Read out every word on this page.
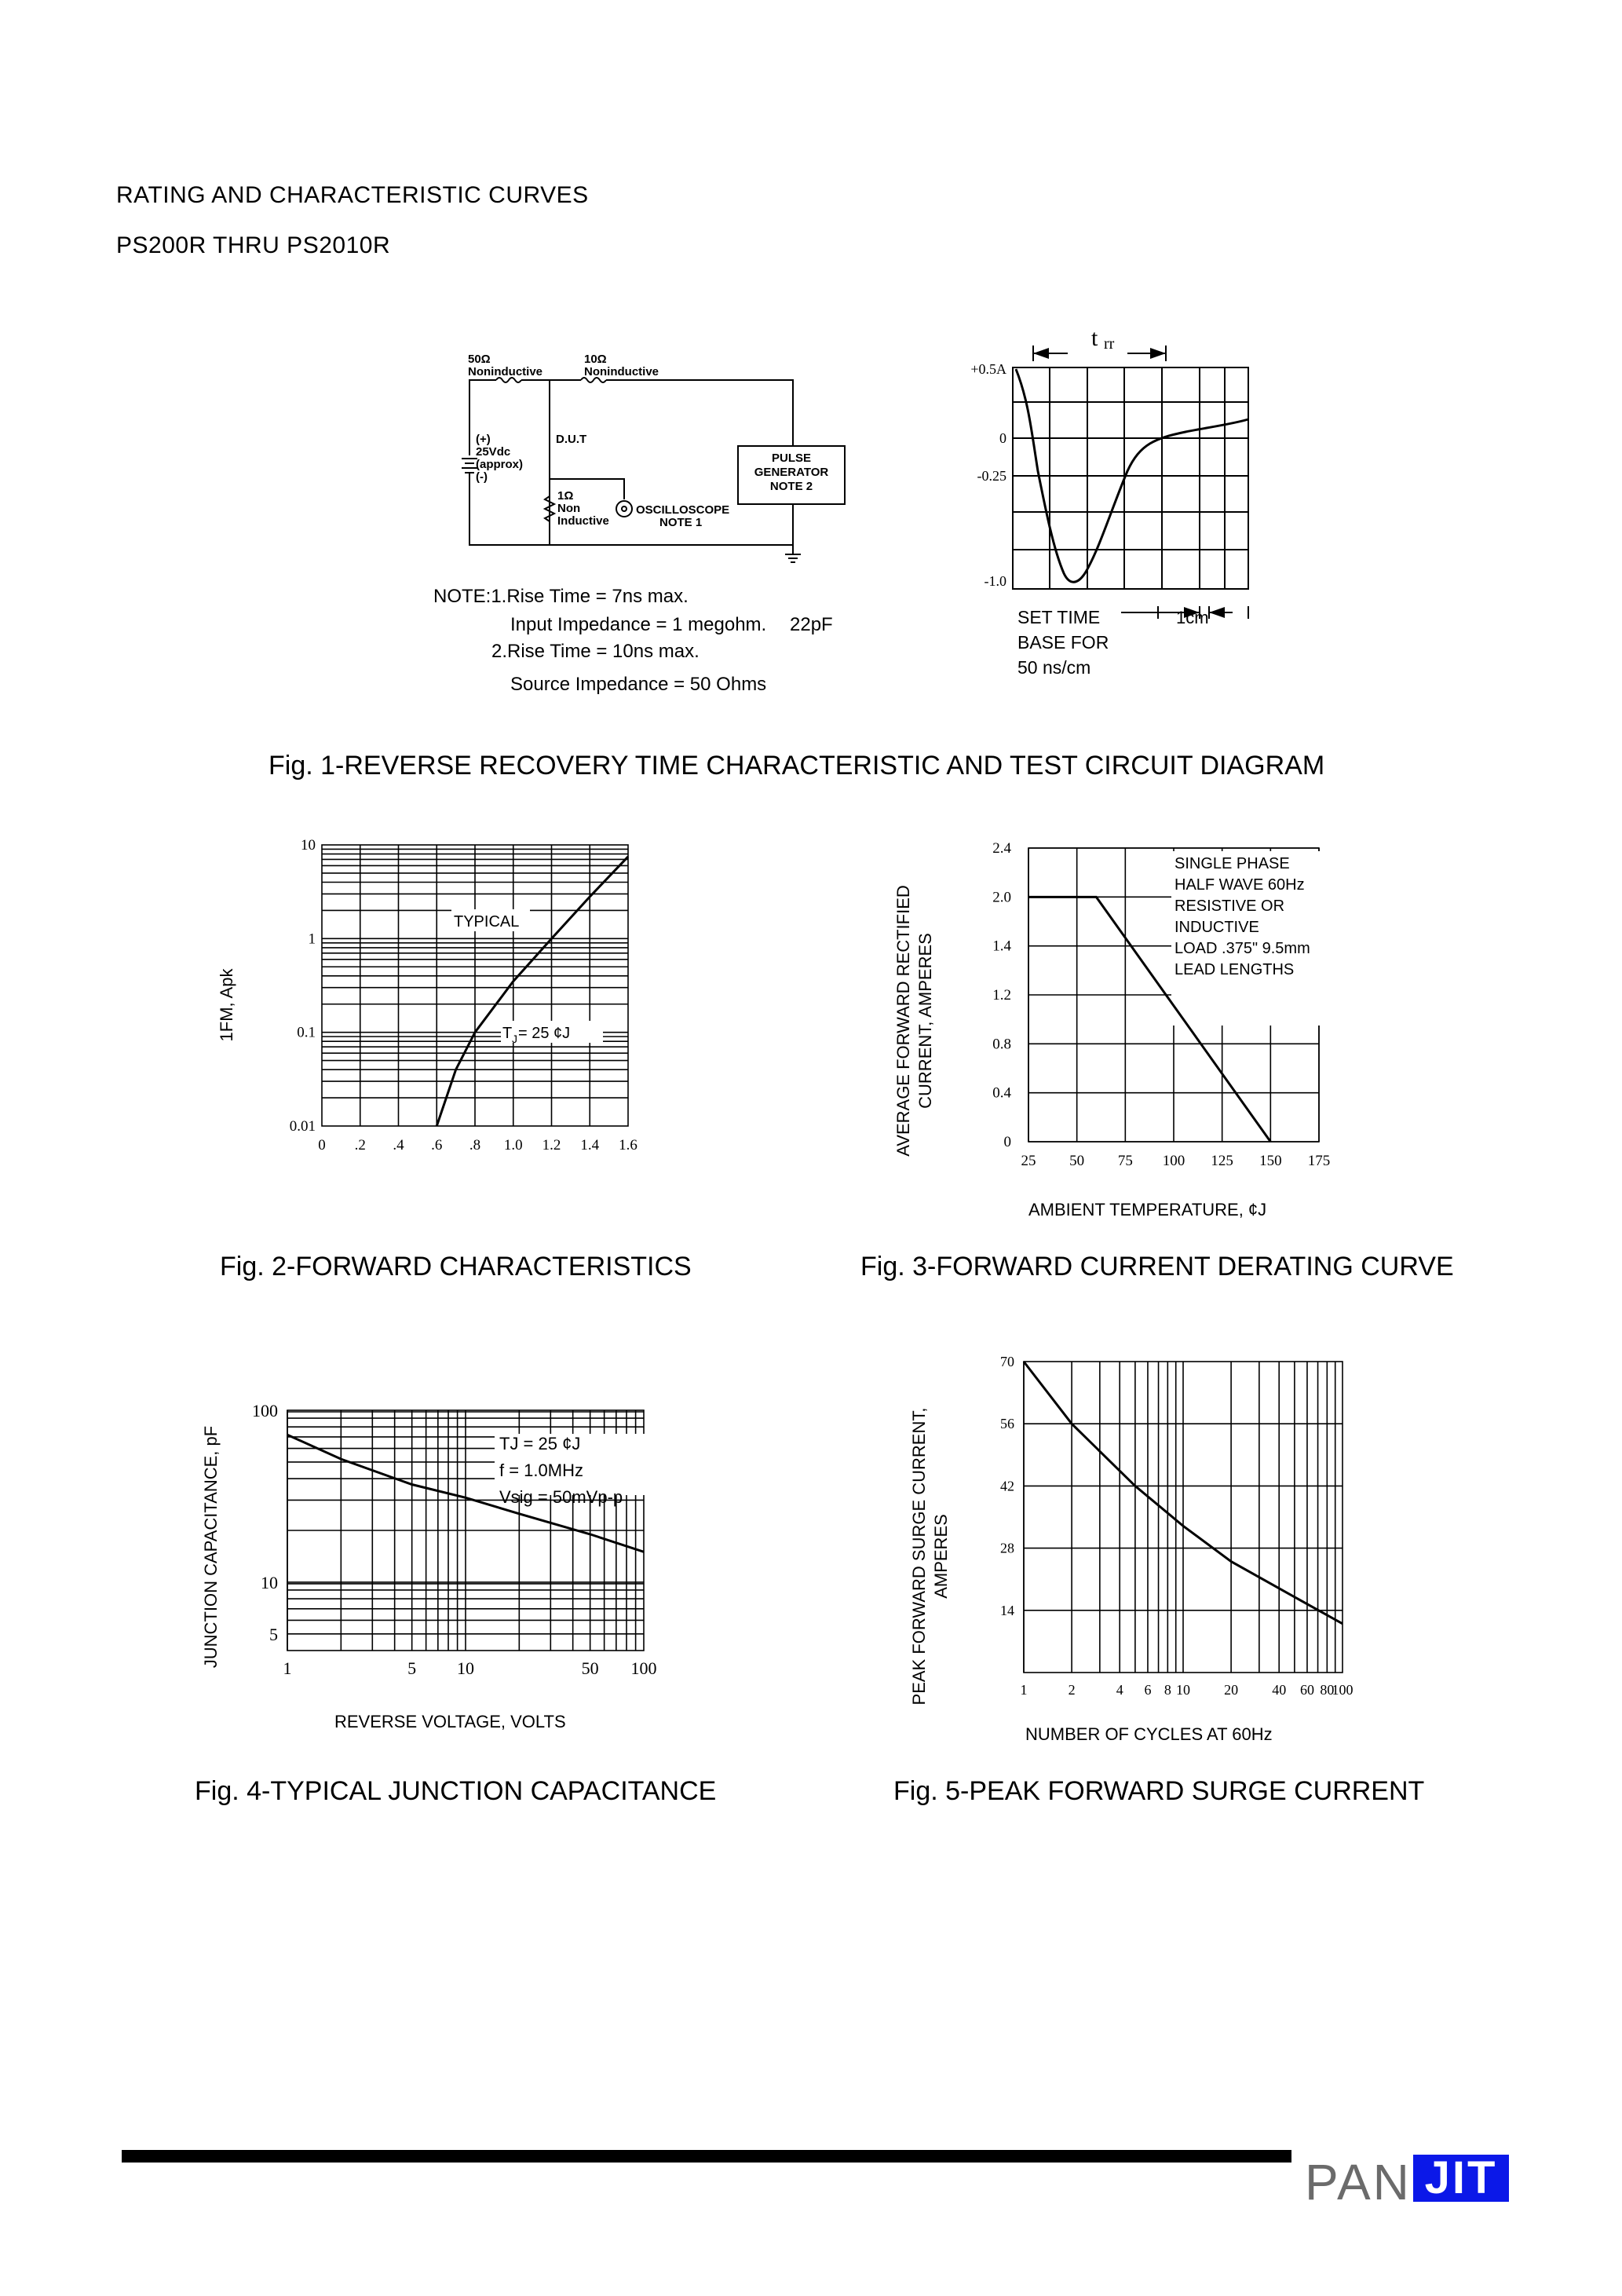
RATING AND CHARACTERISTIC CURVES
PS200R THRU PS2010R
50Ω
Noninductive
10Ω
Noninductive
(+)
25Vdc
(approx)
(-)
D.U.T
PULSE
GENERATOR
NOTE 2
1Ω
Non
Inductive
OSCILLOSCOPE
NOTE 1
NOTE:1.Rise Time = 7ns max.
Input Impedance = 1 megohm. 22pF
2.Rise Time = 10ns max.
Source Impedance = 50 Ohms
t rr
+0.5A
0
-0.25
-1.0
SET TIME
BASE FOR
50 ns/cm
1cm
Fig. 1-REVERSE RECOVERY TIME CHARACTERISTIC AND TEST CIRCUIT DIAGRAM
0 .2 .4 .6 .8 1.0 1.2 1.4 1.6
0.01
0.1
1
10
TYPICAL
T J = 25 ¢J
1FM, Apk
Fig. 2-FORWARD CHARACTERISTICS
25 50 75 100 125 150 175
0
0.4
0.8
1.2
1.4
2.0
2.4
SINGLE PHASE
HALF WAVE 60Hz
RESISTIVE OR
INDUCTIVE
LOAD .375" 9.5mm
LEAD LENGTHS
AVERAGE FORWARD RECTIFIED CURRENT, AMPERES
AMBIENT TEMPERATURE, ¢J
Fig. 3-FORWARD CURRENT DERATING CURVE
1	5 10	50 100
5
10
100
TJ = 25 ¢J
f = 1.0MHz
Vsig = 50mVp-p
JUNCTION CAPACITANCE, pF
REVERSE VOLTAGE, VOLTS
Fig. 4-TYPICAL JUNCTION CAPACITANCE
1	2	4 6 8 10 20 40 60 80
100
14
28
42
56
70
PEAK FORWARD SURGE CURRENT, AMPERES
NUMBER OF CYCLES AT 60Hz
Fig. 5-PEAK FORWARD SURGE CURRENT
PAN JIT
